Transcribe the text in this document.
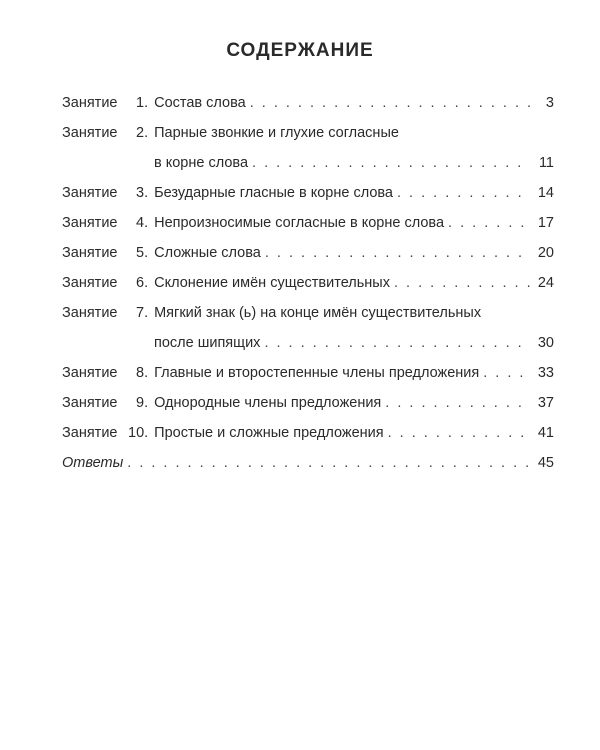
СОДЕРЖАНИЕ
Занятие	1. Состав слова . . .	3
Занятие	2. Парные звонкие и глухие согласные
в корне слова . . .	11
Занятие	3. Безударные гласные в корне слова . . .	14
Занятие	4. Непроизносимые согласные в корне слова . . .	17
Занятие	5. Сложные слова . . .	20
Занятие	6. Склонение имён существительных . . .	24
Занятие	7. Мягкий знак (ь) на конце имён существительных
после шипящих . . .	30
Занятие	8. Главные и второстепенные члены предложения . . .	33
Занятие	9. Однородные члены предложения . . .	37
Занятие 10. Простые и сложные предложения . . .	41
Ответы . . .	45
